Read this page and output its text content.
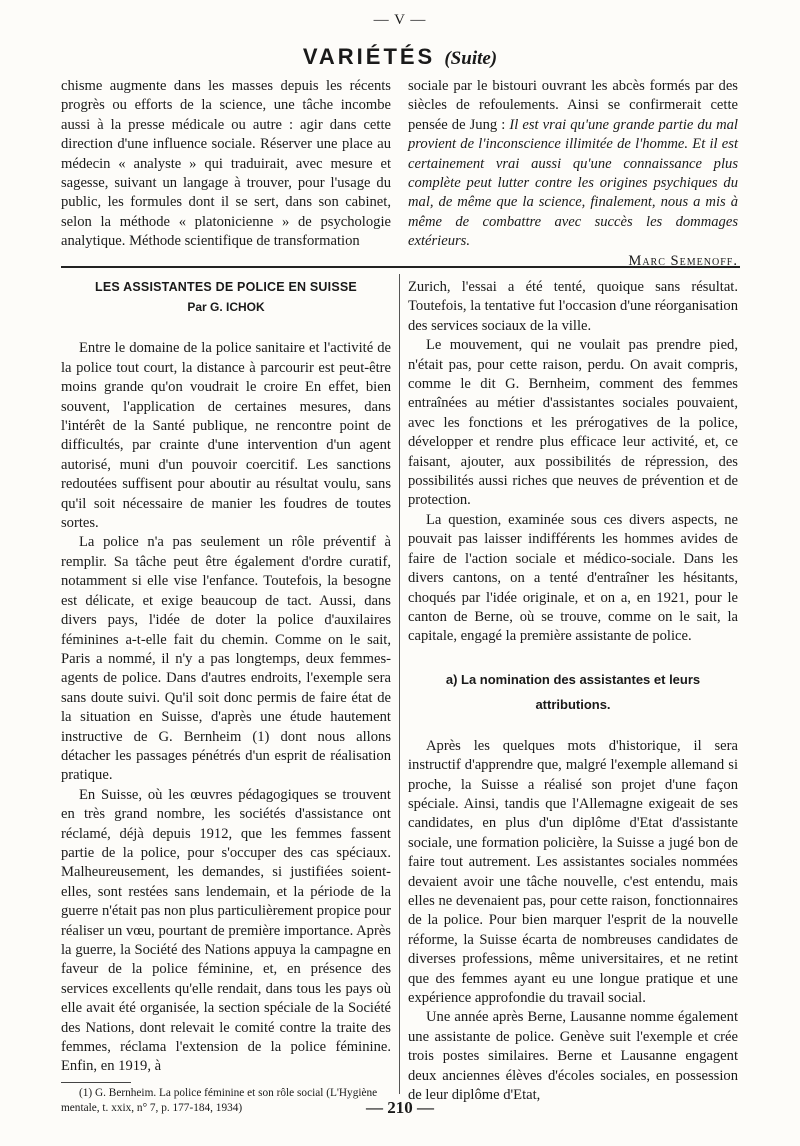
— V —
VARIÉTÉS (Suite)

chisme augmente dans les masses depuis les récents progrès ou efforts de la science, une tâche incombe aussi à la presse médicale ou autre : agir dans cette direction d'une influence sociale. Réserver une place au médecin « analyste » qui traduirait, avec mesure et sagesse, suivant un langage à trouver, pour l'usage du public, les formules dont il se sert, dans son cabinet, selon la méthode « platonicienne » de psychologie analytique. Méthode scientifique de transformation

sociale par le bistouri ouvrant les abcès formés par des siècles de refoulements. Ainsi se confirmerait cette pensée de Jung : Il est vrai qu'une grande partie du mal provient de l'inconscience illimitée de l'homme. Et il est certainement vrai aussi qu'une connaissance plus complète peut lutter contre les origines psychiques du mal, de même que la science, finalement, nous a mis à même de combattre avec succès les dommages extérieurs.

Marc Semenoff.

LES ASSISTANTES DE POLICE EN SUISSE

Par G. ICHOK

Entre le domaine de la police sanitaire et l'activité de la police tout court, la distance à parcourir est peut-être moins grande qu'on voudrait le croire En effet, bien souvent, l'application de certaines mesures, dans l'intérêt de la Santé publique, ne rencontre point de difficultés, par crainte d'une intervention d'un agent autorisé, muni d'un pouvoir coercitif. Les sanctions redoutées suffisent pour aboutir au résultat voulu, sans qu'il soit nécessaire de manier les foudres de toutes sortes.

La police n'a pas seulement un rôle préventif à remplir. Sa tâche peut être également d'ordre curatif, notamment si elle vise l'enfance. Toutefois, la besogne est délicate, et exige beaucoup de tact. Aussi, dans divers pays, l'idée de doter la police d'auxilaires féminines a-t-elle fait du chemin. Comme on le sait, Paris a nommé, il n'y a pas longtemps, deux femmes-agents de police. Dans d'autres endroits, l'exemple sera sans doute suivi. Qu'il soit donc permis de faire état de la situation en Suisse, d'après une étude hautement instructive de G. Bernheim (1) dont nous allons détacher les passages pénétrés d'un esprit de réalisation pratique.

En Suisse, où les œuvres pédagogiques se trouvent en très grand nombre, les sociétés d'assistance ont réclamé, déjà depuis 1912, que les femmes fassent partie de la police, pour s'occuper des cas spéciaux. Malheureusement, les demandes, si justifiées soient-elles, sont restées sans lendemain, et la période de la guerre n'était pas non plus particulièrement propice pour réaliser un vœu, pourtant de première importance. Après la guerre, la Société des Nations appuya la campagne en faveur de la police féminine, et, en présence des services excellents qu'elle rendait, dans tous les pays où elle avait été organisée, la section spéciale de la Société des Nations, dont relevait le comité contre la traite des femmes, réclama l'extension de la police féminine. Enfin, en 1919, à

(1) G. Bernheim. La police féminine et son rôle social (L'Hygiène mentale, t. xxix, n° 7, p. 177-184, 1934)

Zurich, l'essai a été tenté, quoique sans résultat. Toutefois, la tentative fut l'occasion d'une réorganisation des services sociaux de la ville.

Le mouvement, qui ne voulait pas prendre pied, n'était pas, pour cette raison, perdu. On avait compris, comme le dit G. Bernheim, comment des femmes entraînées au métier d'assistantes sociales pouvaient, avec les fonctions et les prérogatives de la police, développer et rendre plus efficace leur activité, et, ce faisant, ajouter, aux possibilités de répression, des possibilités aussi riches que neuves de prévention et de protection.

La question, examinée sous ces divers aspects, ne pouvait pas laisser indifférents les hommes avides de faire de l'action sociale et médico-sociale. Dans les divers cantons, on a tenté d'entraîner les hésitants, choqués par l'idée originale, et on a, en 1921, pour le canton de Berne, où se trouve, comme on le sait, la capitale, engagé la première assistante de police.

a) La nomination des assistantes et leurs attributions.

Après les quelques mots d'historique, il sera instructif d'apprendre que, malgré l'exemple allemand si proche, la Suisse a réalisé son projet d'une façon spéciale. Ainsi, tandis que l'Allemagne exigeait de ses candidates, en plus d'un diplôme d'Etat d'assistante sociale, une formation policière, la Suisse a jugé bon de faire tout autrement. Les assistantes sociales nommées devaient avoir une tâche nouvelle, c'est entendu, mais elles ne devenaient pas, pour cette raison, fonctionnaires de la police. Pour bien marquer l'esprit de la nouvelle réforme, la Suisse écarta de nombreuses candidates de diverses professions, même universitaires, et ne retint que des femmes ayant eu une longue pratique et une expérience approfondie du travail social.

Une année après Berne, Lausanne nomme également une assistante de police. Genève suit l'exemple et crée trois postes similaires. Berne et Lausanne engagent deux anciennes élèves d'écoles sociales, en possession de leur diplôme d'Etat,

— 210 —
